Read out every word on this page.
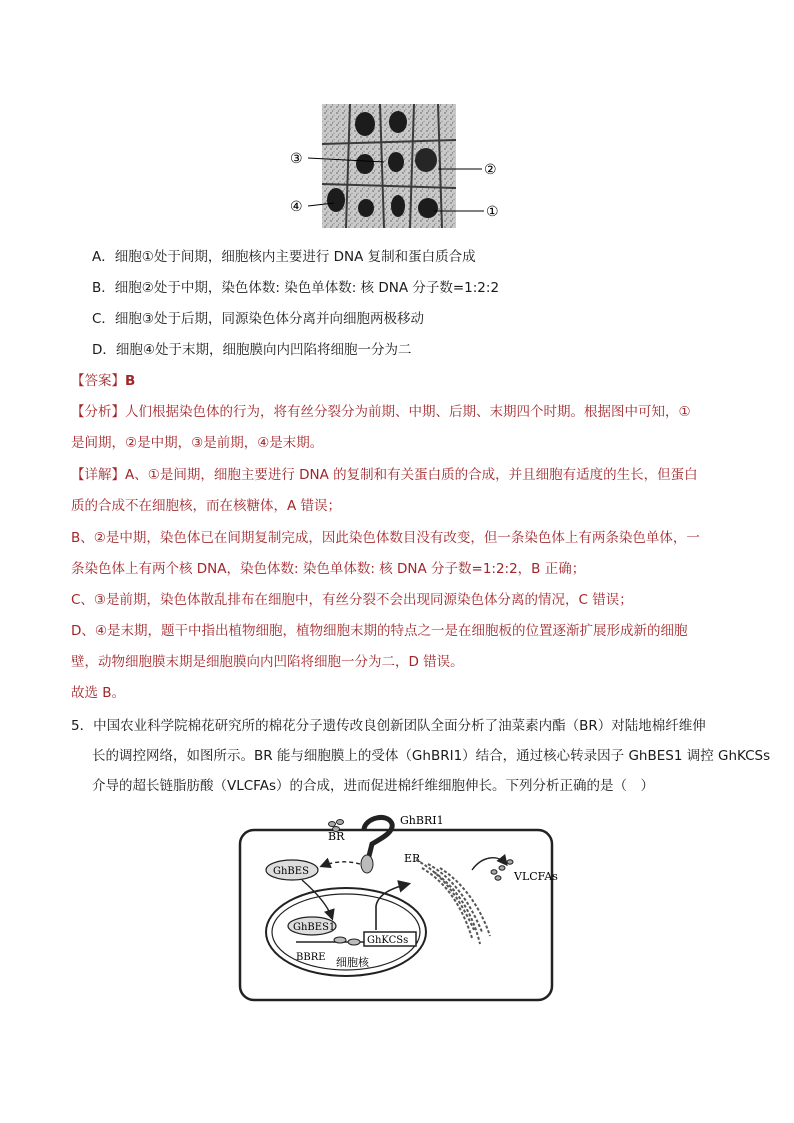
③
②
④	①
A．细胞①处于间期，细胞核内主要进行 DNA 复制和蛋白质合成
B．细胞②处于中期，染色体数: 染色单体数: 核 DNA 分子数=1:2:2
C．细胞③处于后期，同源染色体分离并向细胞两极移动
D．细胞④处于末期，细胞膜向内凹陷将细胞一分为二
【答案】B
【分析】人们根据染色体的行为，将有丝分裂分为前期、中期、后期、末期四个时期。根据图中可知，①
是间期，②是中期，③是前期，④是末期。
【详解】A、①是间期，细胞主要进行 DNA 的复制和有关蛋白质的合成，并且细胞有适度的生长，但蛋白
质的合成不在细胞核，而在核糖体，A 错误；
B、②是中期，染色体已在间期复制完成，因此染色体数目没有改变，但一条染色体上有两条染色单体，一
条染色体上有两个核 DNA，染色体数: 染色单体数: 核 DNA 分子数=1:2:2，B 正确；
C、③是前期，染色体散乱排布在细胞中，有丝分裂不会出现同源染色体分离的情况，C 错误；
D、④是末期，题干中指出植物细胞，植物细胞末期的特点之一是在细胞板的位置逐渐扩展形成新的细胞
壁，动物细胞膜末期是细胞膜向内凹陷将细胞一分为二，D 错误。
故选 B。
5．中国农业科学院棉花研究所的棉花分子遗传改良创新团队全面分析了油菜素内酯（BR）对陆地棉纤维伸
长的调控网络，如图所示。BR 能与细胞膜上的受体（GhBRI1）结合，通过核心转录因子 GhBES1 调控 GhKCSs
介导的超长链脂肪酸（VLCFAs）的合成，进而促进棉纤维细胞伸长。下列分析正确的是（　）
BR
GhBRI1
GhBES
ER
VLCFAs
GhBES1
GhKCSs
BBRE 细胞核
